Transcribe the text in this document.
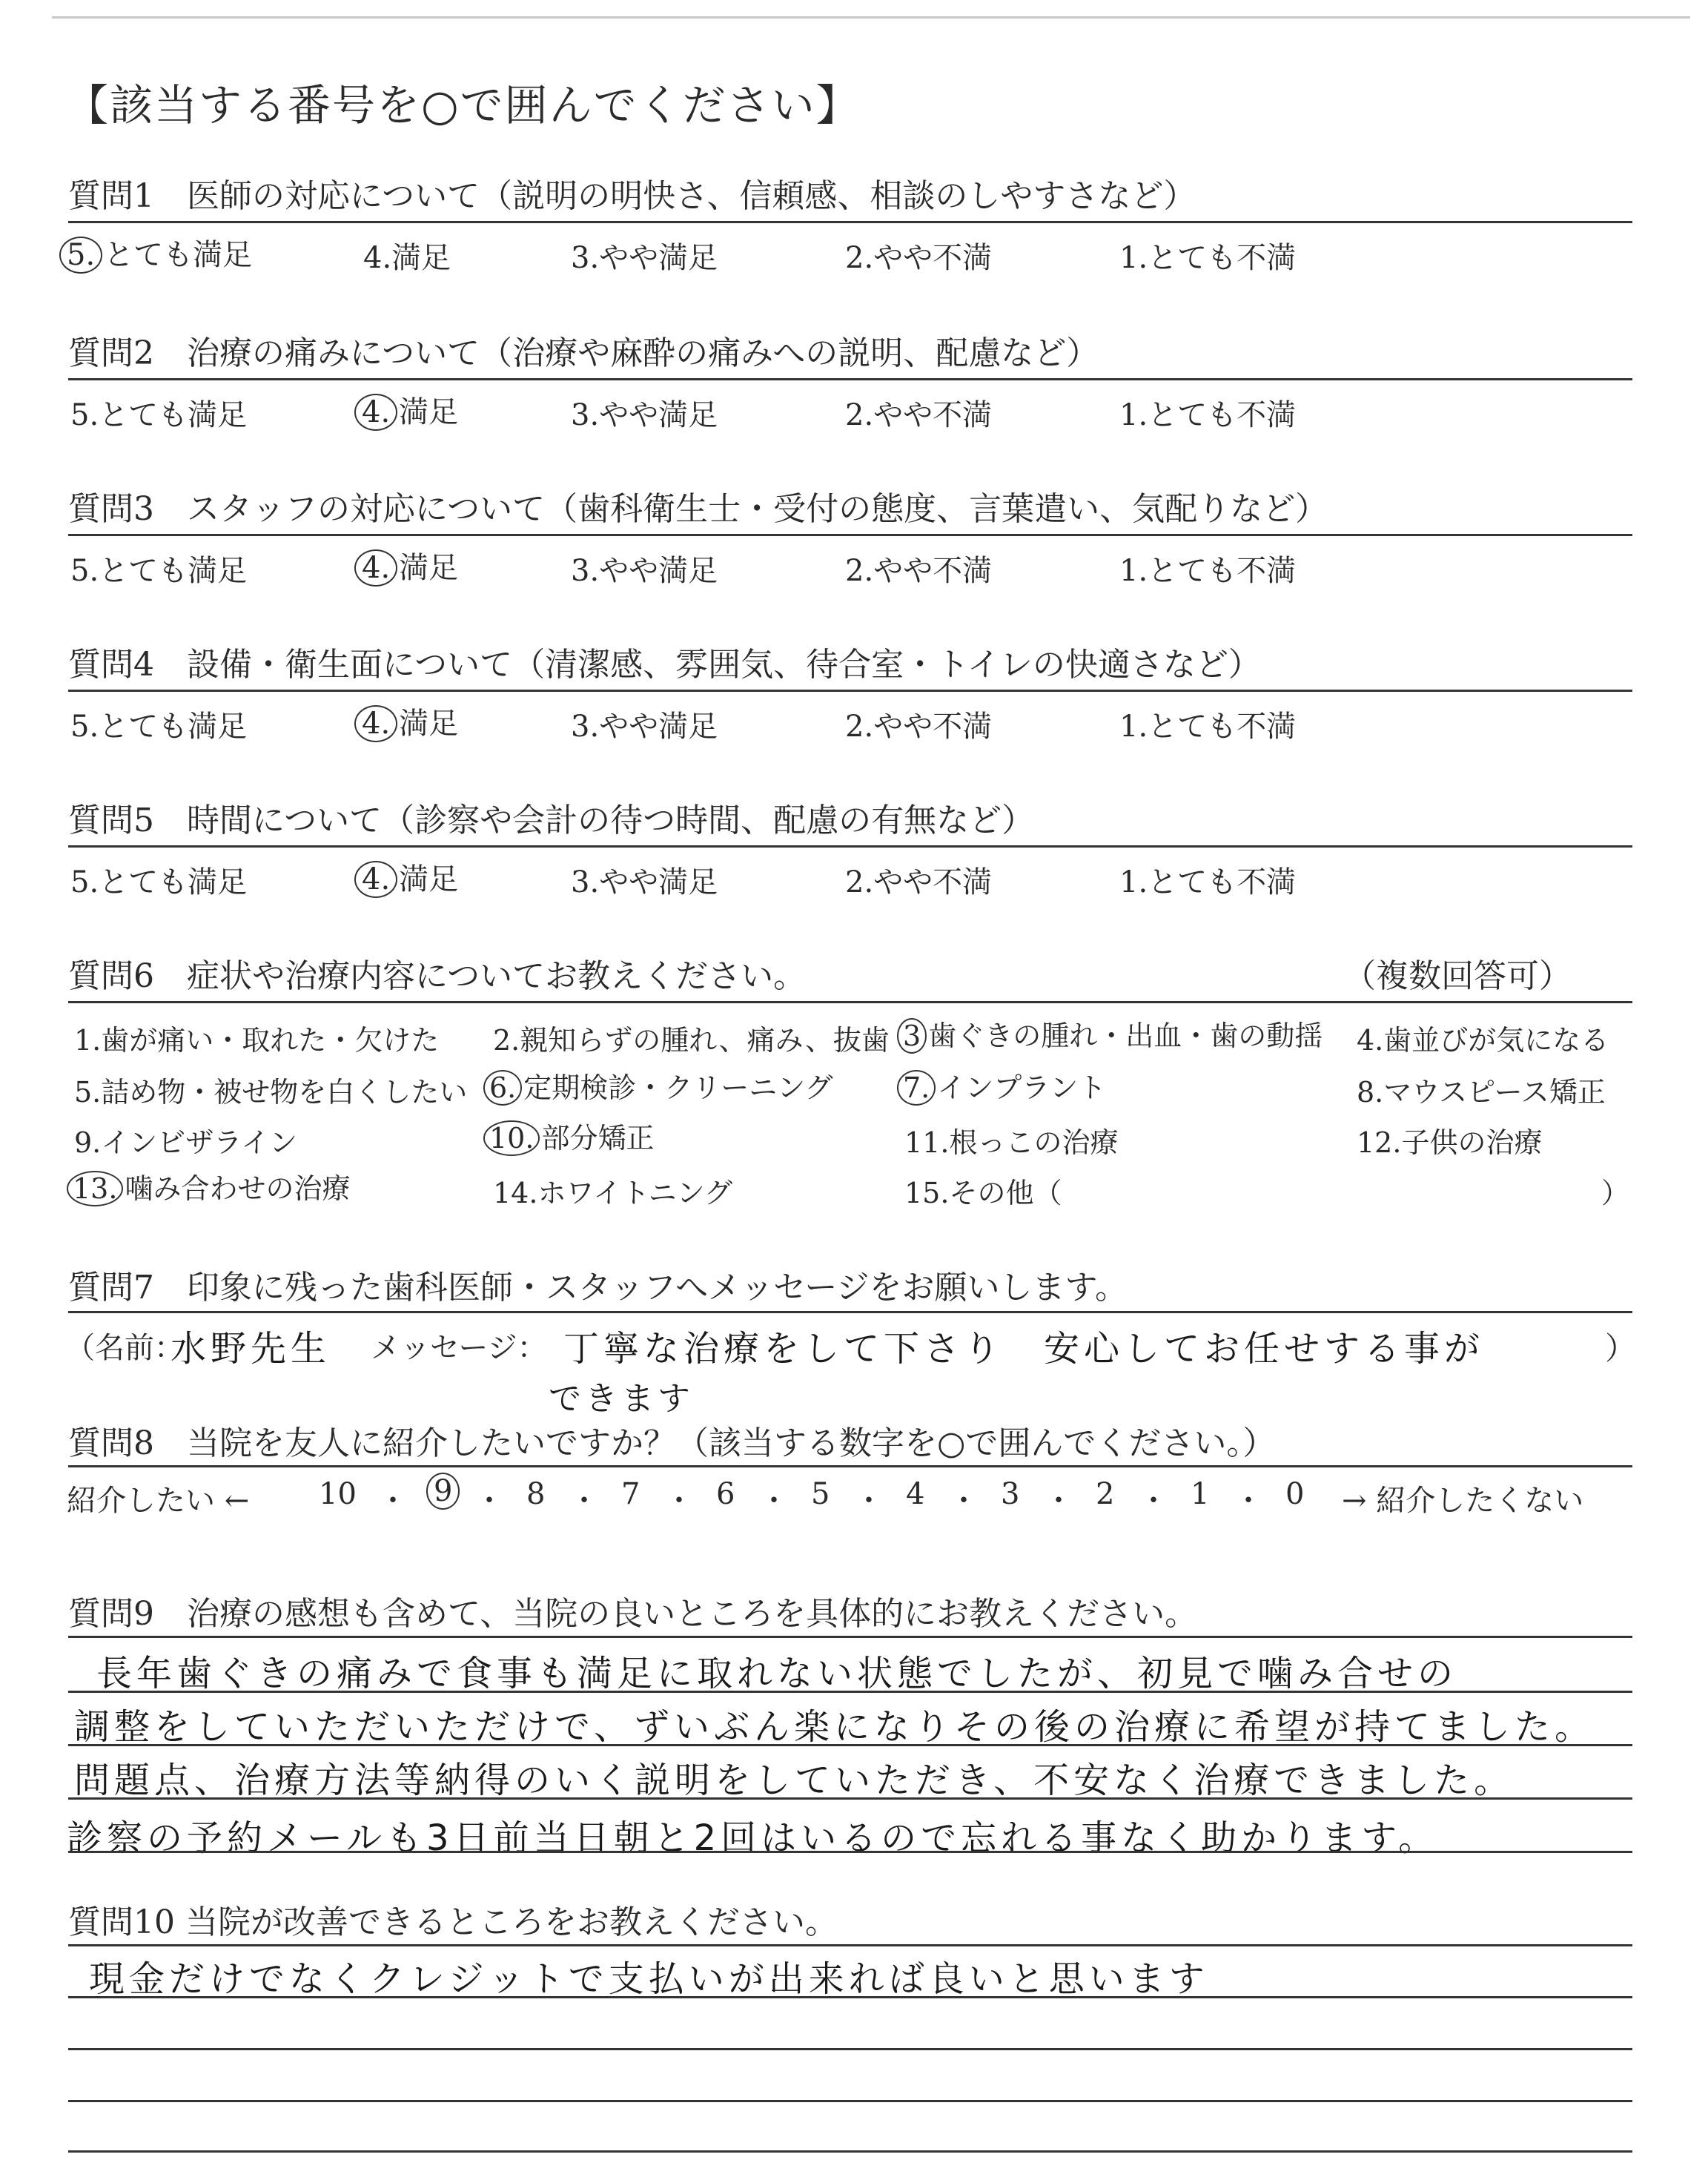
【該当する番号を○で囲んでください】
質問1　医師の対応について（説明の明快さ、信頼感、相談のしやすさなど）
5. とても満足	4.満足	3.やや満足	2.やや不満	1.とても不満
質問2　治療の痛みについて（治療や麻酔の痛みへの説明、配慮など）
5.とても満足	4. 満足	3.やや満足	2.やや不満	1.とても不満
質問3　スタッフの対応について（歯科衛生士・受付の態度、言葉遣い、気配りなど）
5.とても満足	4. 満足	3.やや満足	2.やや不満	1.とても不満
質問4　設備・衛生面について（清潔感、雰囲気、待合室・トイレの快適さなど）
5.とても満足	4. 満足	3.やや満足	2.やや不満	1.とても不満
質問5　時間について（診察や会計の待つ時間、配慮の有無など）
5.とても満足	4. 満足	3.やや満足	2.やや不満	1.とても不満
質問6　症状や治療内容についてお教えください。	（複数回答可）
1.歯が痛い・取れた・欠けた 2.親知らずの腫れ、痛み、抜歯 3 歯ぐきの腫れ・出血・歯の動揺 4.歯並びが気になる
5.詰め物・被せ物を白くしたい 6. 定期検診・クリーニング 7. インプラント	8.マウスピース矯正
9.インビザライン	10. 部分矯正	11.根っこの治療	12.子供の治療
13. 噛み合わせの治療	14.ホワイトニング	15.その他（	）
質問7　印象に残った歯科医師・スタッフへメッセージをお願いします。
（名前：
水野先生 メッセージ： 丁寧な治療をして下さり　安心してお任せする事が
できます
）
質問8　当院を友人に紹介したいですか？（該当する数字を○で囲んでください。）
紹介したい ← 10 ・ 9 ・ 8 ・ 7 ・ 6 ・ 5 ・ 4 ・ 3 ・ 2 ・ 1 ・ 0 → 紹介したくない
質問9　治療の感想も含めて、当院の良いところを具体的にお教えください。
長年歯ぐきの痛みで食事も満足に取れない状態でしたが、初見で噛み合せの
調整をしていただいただけで、ずいぶん楽になりその後の治療に希望が持てました。
問題点、治療方法等納得のいく説明をしていただき、不安なく治療できました。
診察の予約メールも3日前当日朝と2回はいるので忘れる事なく助かります。
質問10 当院が改善できるところをお教えください。
現金だけでなくクレジットで支払いが出来れば良いと思います
